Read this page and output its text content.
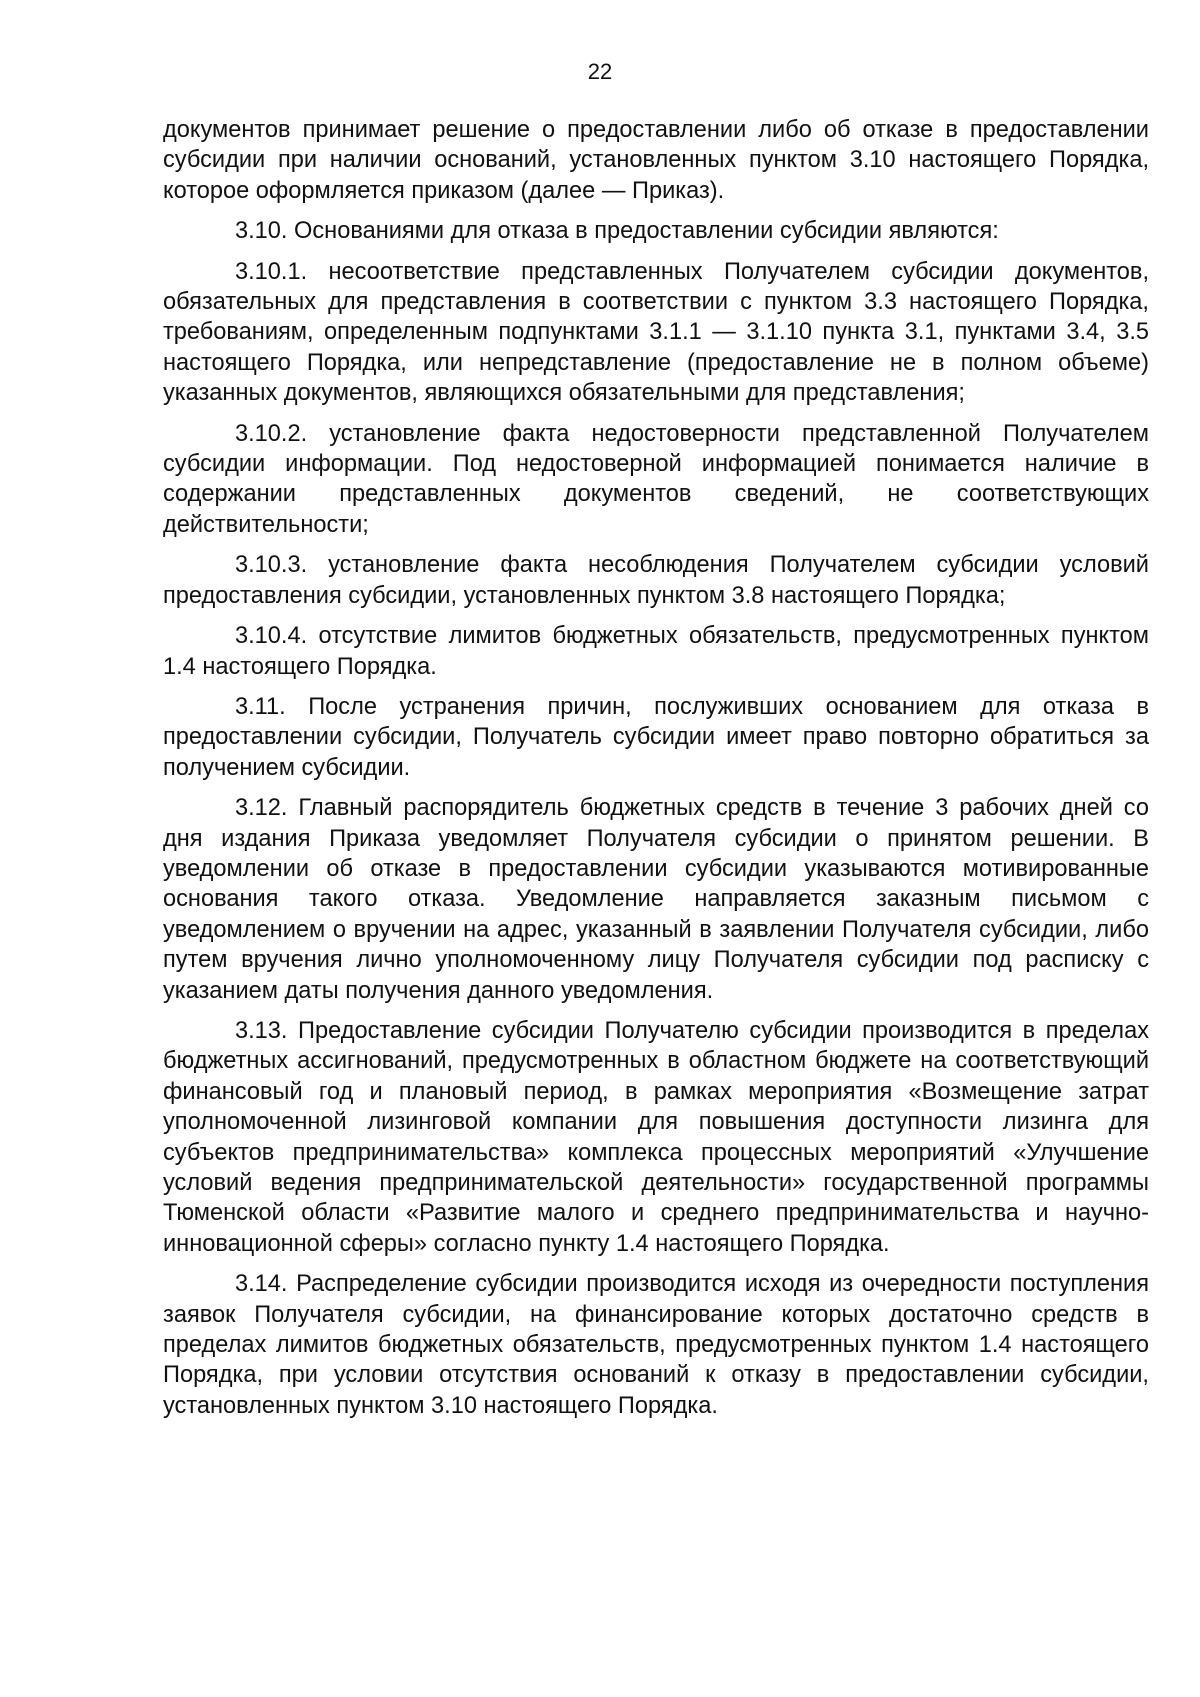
22

документов принимает решение о предоставлении либо об отказе в предоставлении субсидии при наличии оснований, установленных пунктом 3.10 настоящего Порядка, которое оформляется приказом (далее — Приказ).

3.10. Основаниями для отказа в предоставлении субсидии являются:

3.10.1. несоответствие представленных Получателем субсидии документов, обязательных для представления в соответствии с пунктом 3.3 настоящего Порядка, требованиям, определенным подпунктами 3.1.1 — 3.1.10 пункта 3.1, пунктами 3.4, 3.5 настоящего Порядка, или непредставление (предоставление не в полном объеме) указанных документов, являющихся обязательными для представления;

3.10.2. установление факта недостоверности представленной Получателем субсидии информации. Под недостоверной информацией понимается наличие в содержании представленных документов сведений, не соответствующих действительности;

3.10.3. установление факта несоблюдения Получателем субсидии условий предоставления субсидии, установленных пунктом 3.8 настоящего Порядка;

3.10.4. отсутствие лимитов бюджетных обязательств, предусмотренных пунктом 1.4 настоящего Порядка.

3.11. После устранения причин, послуживших основанием для отказа в предоставлении субсидии, Получатель субсидии имеет право повторно обратиться за получением субсидии.

3.12. Главный распорядитель бюджетных средств в течение 3 рабочих дней со дня издания Приказа уведомляет Получателя субсидии о принятом решении. В уведомлении об отказе в предоставлении субсидии указываются мотивированные основания такого отказа. Уведомление направляется заказным письмом с уведомлением о вручении на адрес, указанный в заявлении Получателя субсидии, либо путем вручения лично уполномоченному лицу Получателя субсидии под расписку с указанием даты получения данного уведомления.

3.13. Предоставление субсидии Получателю субсидии производится в пределах бюджетных ассигнований, предусмотренных в областном бюджете на соответствующий финансовый год и плановый период, в рамках мероприятия «Возмещение затрат уполномоченной лизинговой компании для повышения доступности лизинга для субъектов предпринимательства» комплекса процессных мероприятий «Улучшение условий ведения предпринимательской деятельности» государственной программы Тюменской области «Развитие малого и среднего предпринимательства и научно-инновационной сферы» согласно пункту 1.4 настоящего Порядка.

3.14. Распределение субсидии производится исходя из очередности поступления заявок Получателя субсидии, на финансирование которых достаточно средств в пределах лимитов бюджетных обязательств, предусмотренных пунктом 1.4 настоящего Порядка, при условии отсутствия оснований к отказу в предоставлении субсидии, установленных пунктом 3.10 настоящего Порядка.
